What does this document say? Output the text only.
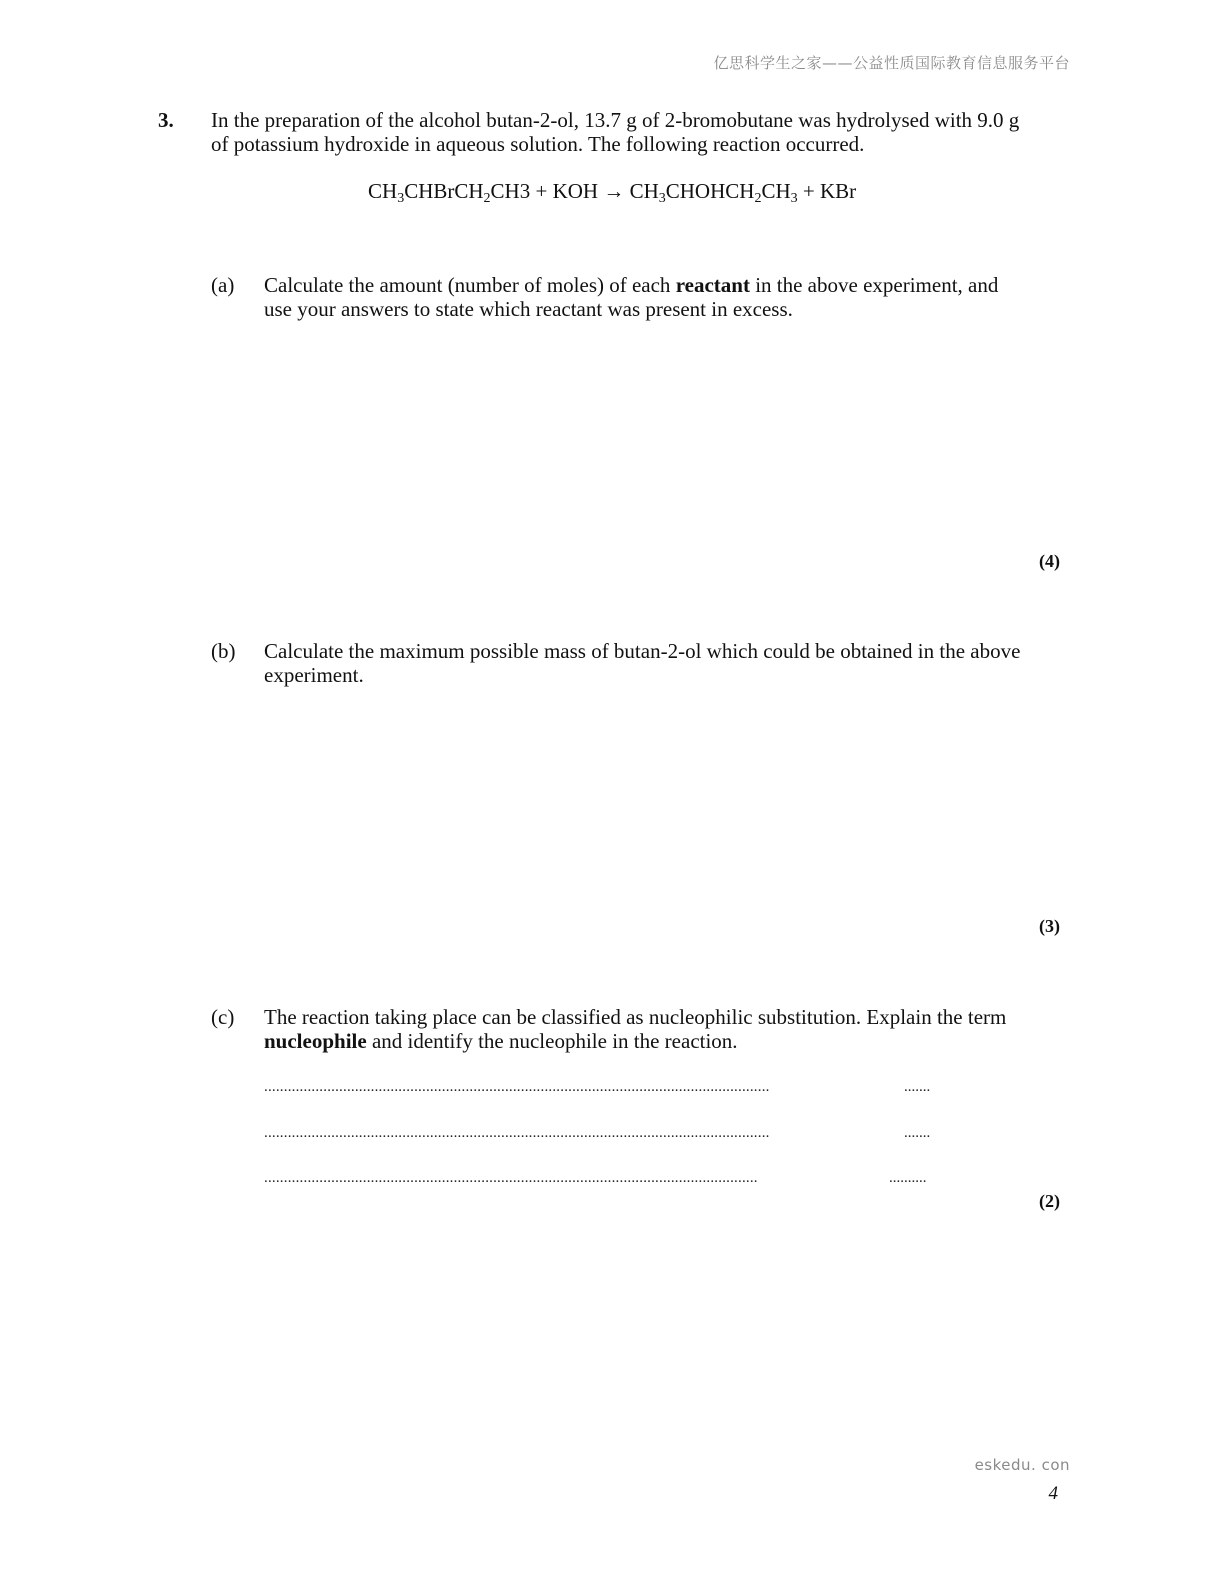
亿思科学生之家——公益性质国际教育信息服务平台
3. In the preparation of the alcohol butan-2-ol, 13.7 g of 2-bromobutane was hydrolysed with 9.0 g
of potassium hydroxide in aqueous solution. The following reaction occurred.
$CH_3CHBrCH_2CH3$ + KOH → $CH_3CHOHCH_2CH_3$ + KBr
(a) Calculate the amount (number of moles) of each reactant in the above experiment, and
use your answers to state which reactant was present in excess.
(4)
(b) Calculate the maximum possible mass of butan-2-ol which could be obtained in the above
experiment.
(3)
(c) The reaction taking place can be classified as nucleophilic substitution. Explain the term
nucleophile and identify the nucleophile in the reaction.
................................................................................................................................	.......
................................................................................................................................	.......
.............................................................................................................................	..........
(2)
eskedu. con
4
